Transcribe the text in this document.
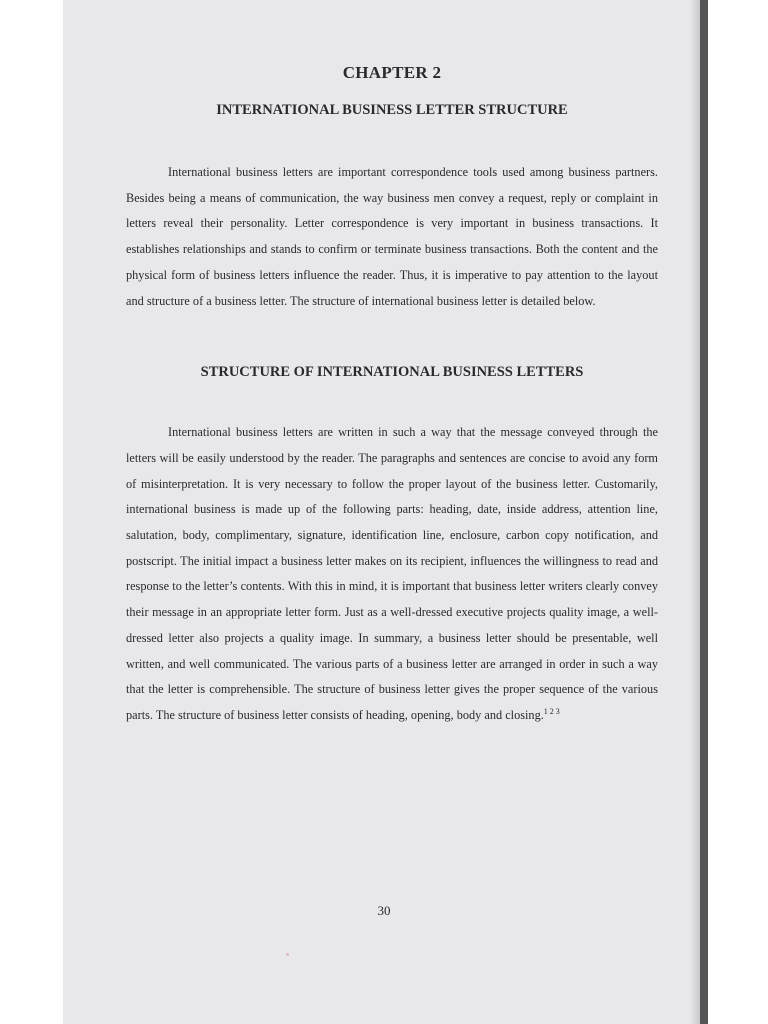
CHAPTER 2
INTERNATIONAL BUSINESS LETTER STRUCTURE

International business letters are important correspondence tools used among business partners. Besides being a means of communication, the way business men convey a request, reply or complaint in letters reveal their personality. Letter correspondence is very important in business transactions. It establishes relationships and stands to confirm or terminate business transactions. Both the content and the physical form of business letters influence the reader. Thus, it is imperative to pay attention to the layout and structure of a business letter. The structure of international business letter is detailed below.

STRUCTURE OF INTERNATIONAL BUSINESS LETTERS

International business letters are written in such a way that the message conveyed through the letters will be easily understood by the reader. The paragraphs and sentences are concise to avoid any form of misinterpretation. It is very necessary to follow the proper layout of the business letter. Customarily, international business is made up of the following parts: heading, date, inside address, attention line, salutation, body, complimentary, signature, identification line, enclosure, carbon copy notification, and postscript. The initial impact a business letter makes on its recipient, influences the willingness to read and response to the letter’s contents. With this in mind, it is important that business letter writers clearly convey their message in an appropriate letter form. Just as a well-dressed executive projects quality image, a well-dressed letter also projects a quality image. In summary, a business letter should be presentable, well written, and well communicated. The various parts of a business letter are arranged in order in such a way that the letter is comprehensible. The structure of business letter gives the proper sequence of the various parts. The structure of business letter consists of heading, opening, body and closing.$^{1 2 3}$

30
